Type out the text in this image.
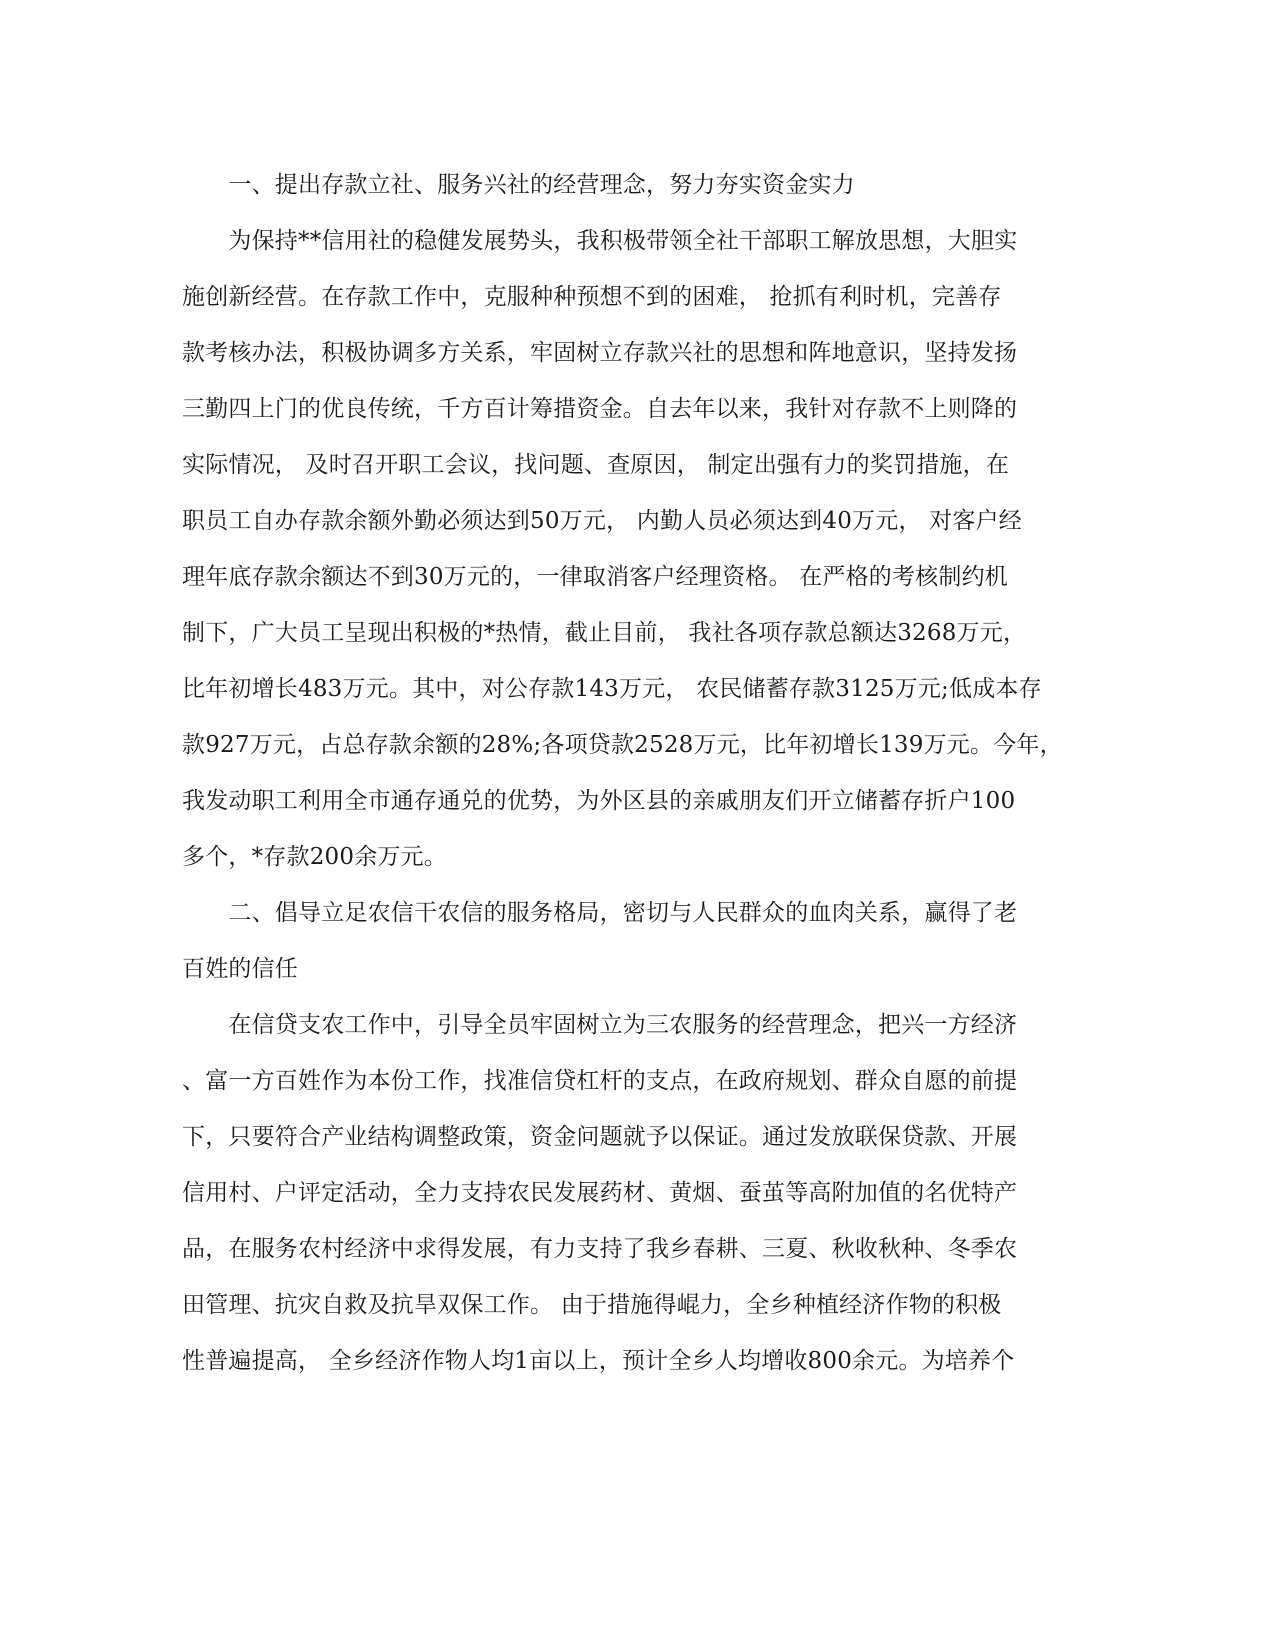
　　一、提出存款立社、服务兴社的经营理念，努力夯实资金实力
　　为保持**信用社的稳健发展势头，我积极带领全社干部职工解放思想，大胆实
施创新经营。在存款工作中，克服种种预想不到的困难， 抢抓有利时机，完善存
款考核办法，积极协调多方关系，牢固树立存款兴社的思想和阵地意识，坚持发扬
三勤四上门的优良传统，千方百计筹措资金。自去年以来，我针对存款不上则降的
实际情况， 及时召开职工会议，找问题、查原因， 制定出强有力的奖罚措施，在
职员工自办存款余额外勤必须达到50万元， 内勤人员必须达到40万元， 对客户经
理年底存款余额达不到30万元的，一律取消客户经理资格。 在严格的考核制约机
制下，广大员工呈现出积极的*热情，截止目前， 我社各项存款总额达3268万元，
比年初增长483万元。其中，对公存款143万元， 农民储蓄存款3125万元;低成本存
款927万元，占总存款余额的28%;各项贷款2528万元，比年初增长139万元。今年，
我发动职工利用全市通存通兑的优势，为外区县的亲戚朋友们开立储蓄存折户100
多个，*存款200余万元。
　　二、倡导立足农信干农信的服务格局，密切与人民群众的血肉关系，赢得了老
百姓的信任
　　在信贷支农工作中，引导全员牢固树立为三农服务的经营理念，把兴一方经济
、富一方百姓作为本份工作，找准信贷杠杆的支点，在政府规划、群众自愿的前提
下，只要符合产业结构调整政策，资金问题就予以保证。通过发放联保贷款、开展
信用村、户评定活动，全力支持农民发展药材、黄烟、蚕茧等高附加值的名优特产
品，在服务农村经济中求得发展，有力支持了我乡春耕、三夏、秋收秋种、冬季农
田管理、抗灾自救及抗旱双保工作。 由于措施得崐力，全乡种植经济作物的积极
性普遍提高， 全乡经济作物人均1亩以上，预计全乡人均增收800余元。为培养个
